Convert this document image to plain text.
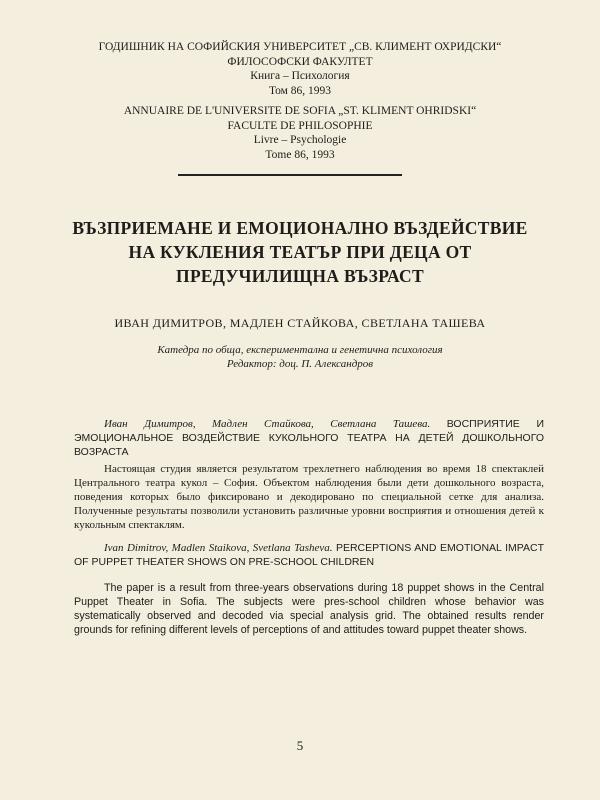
ГОДИШНИК НА СОФИЙСКИЯ УНИВЕРСИТЕТ „СВ. КЛИМЕНТ ОХРИДСКИ“
ФИЛОСОФСКИ ФАКУЛТЕТ
Книга – Психология
Том 86, 1993
ANNUAIRE DE L'UNIVERSITE DE SOFIA „ST. KLIMENT OHRIDSKI“
FACULTE DE PHILOSOPHIE
Livre – Psychologie
Tome 86, 1993
ВЪЗПРИЕМАНЕ И ЕМОЦИОНАЛНО ВЪЗДЕЙСТВИЕ
НА КУКЛЕНИЯ ТЕАТЪР ПРИ ДЕЦА ОТ
ПРЕДУЧИЛИЩНА ВЪЗРАСТ
ИВАН ДИМИТРОВ, МАДЛЕН СТАЙКОВА, СВЕТЛАНА ТАШЕВА
Катедра по обща, експериментална и генетична психология
Редактор: доц. П. Александров
Иван Димитров, Мадлен Стайкова, Светлана Ташева. ВОСПРИЯТИЕ И ЭМОЦИОНАЛЬНОЕ ВОЗДЕЙСТВИЕ КУКОЛЬНОГО ТЕАТРА НА ДЕТЕЙ ДОШКОЛЬНОГО ВОЗРАСТА
Настоящая студия является результатом трехлетнего наблюдения во время 18 спектаклей Центрального театра кукол – София. Объектом наблюдения были дети дошкольного возраста, поведения которых было фиксировано и декодировано по специальной сетке для анализа. Полученные результаты позволили установить различные уровни восприятия и отношения детей к кукольным спектаклям.
Ivan Dimitrov, Madlen Staikova, Svetlana Tasheva. PERCEPTIONS AND EMOTIONAL IMPACT OF PUPPET THEATER SHOWS ON PRE-SCHOOL CHILDREN
The paper is a result from three-years observations during 18 puppet shows in the Central Puppet Theater in Sofia. The subjects were pres-school children whose behavior was systematically observed and decoded via special analysis grid. The obtained results render grounds for refining different levels of perceptions of and attitudes toward puppet theater shows.
5
